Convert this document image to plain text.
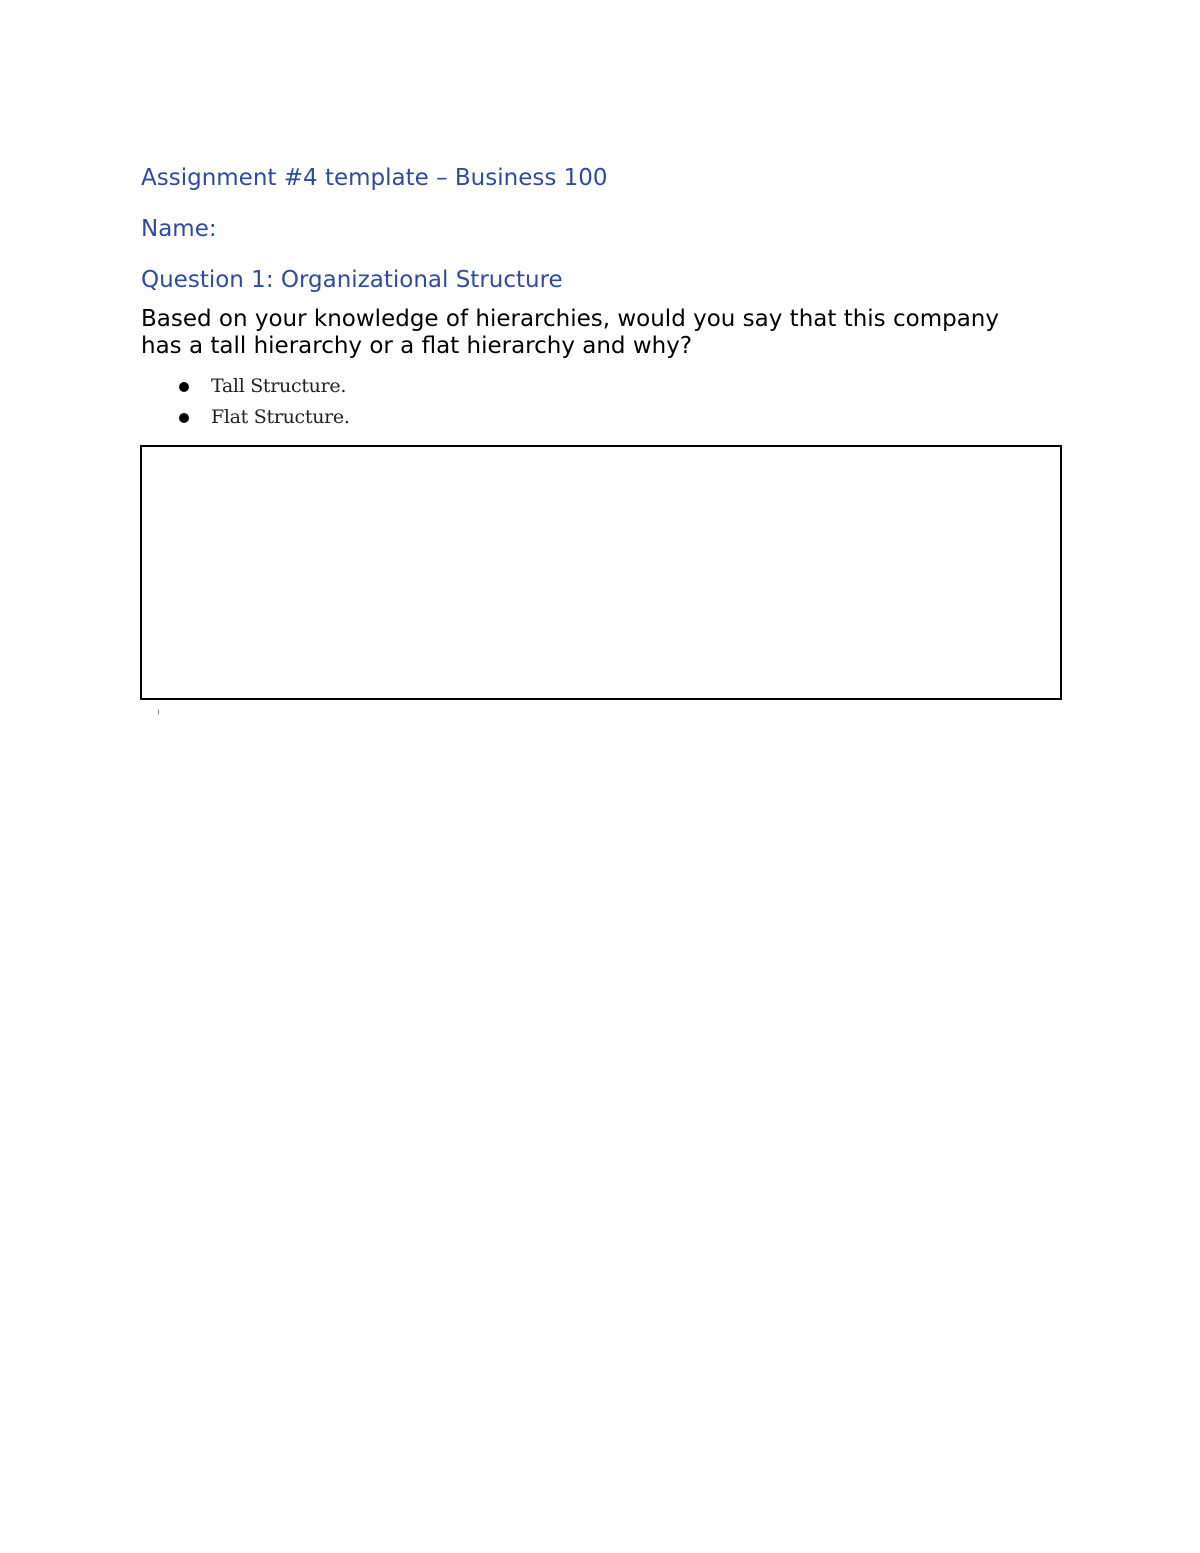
Assignment #4 template – Business 100
Name:
Question 1: Organizational Structure

Based on your knowledge of hierarchies, would you say that this company has a tall hierarchy or a flat hierarchy and why?

Tall Structure.
Flat Structure.
